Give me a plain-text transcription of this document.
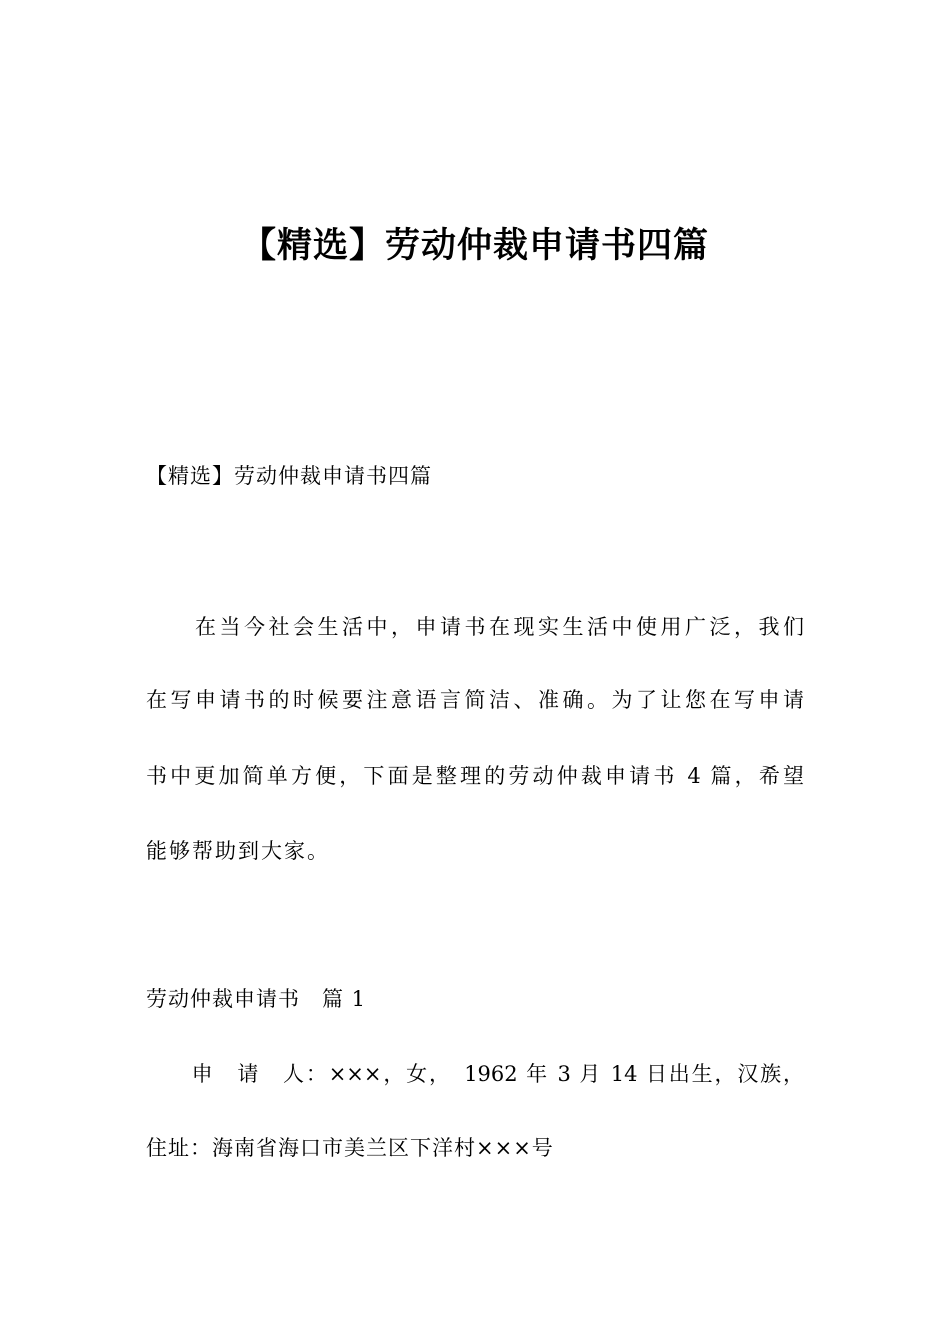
【精选】劳动仲裁申请书四篇
【精选】劳动仲裁申请书四篇
　　在当今社会生活中，申请书在现实生活中使用广泛，我们
在写申请书的时候要注意语言简洁、准确。为了让您在写申请
书中更加简单方便，下面是整理的劳动仲裁申请书 4 篇，希望
能够帮助到大家。
劳动仲裁申请书　篇 1
　　申　请　人：×××，女，　1962 年 3 月 14 日出生，汉族，
住址：海南省海口市美兰区下洋村×××号
